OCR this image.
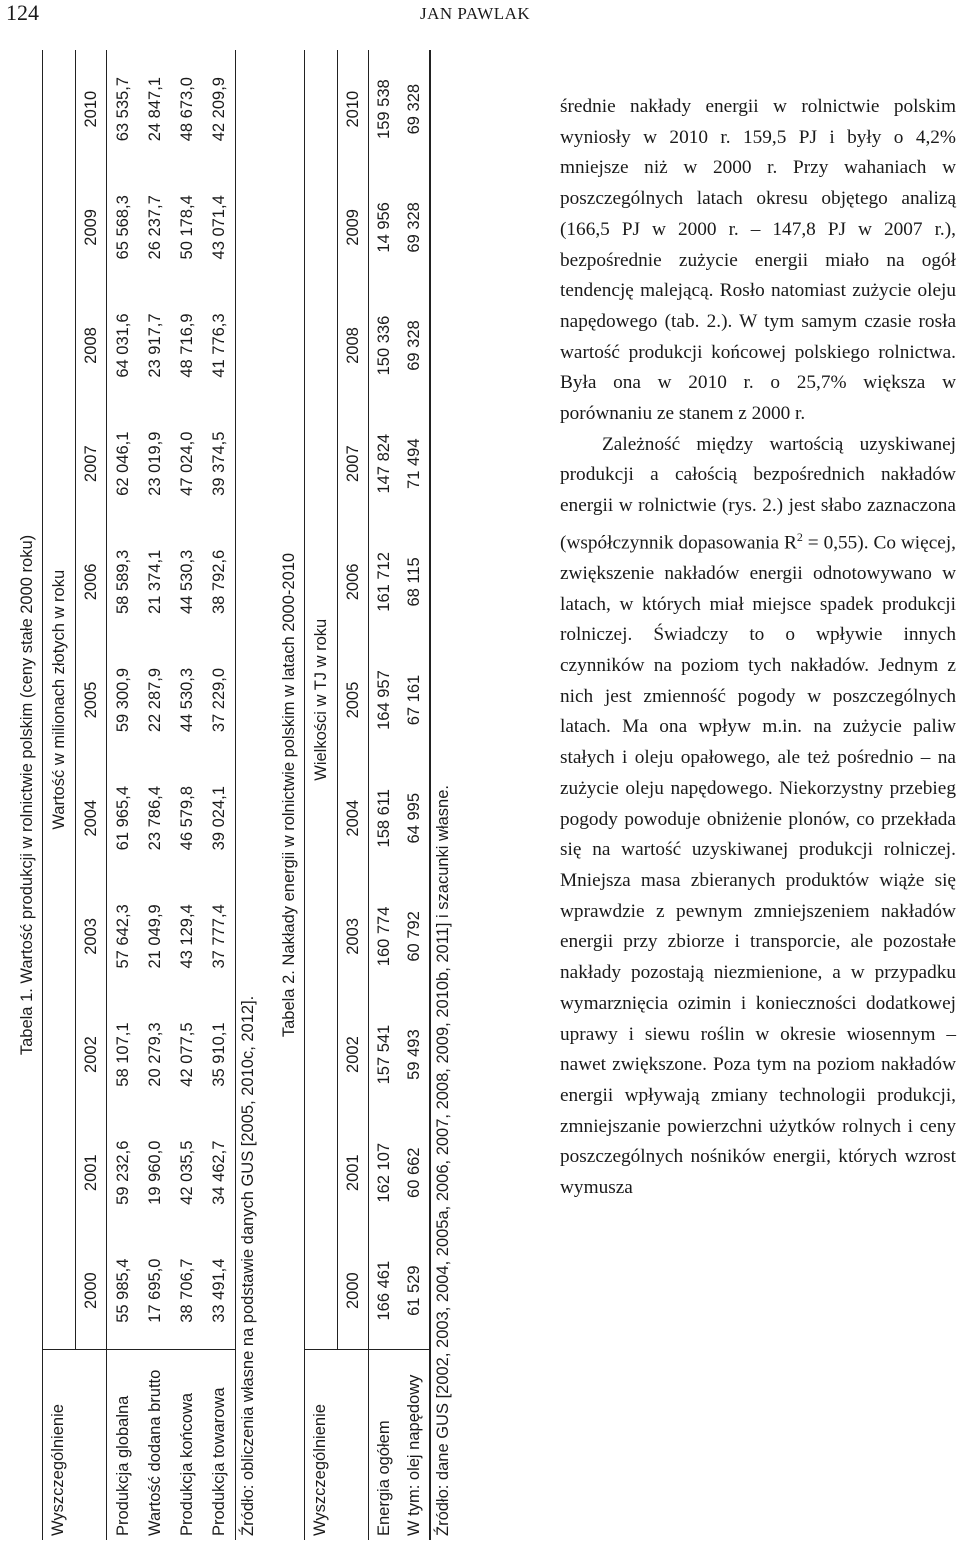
124	JAN PAWLAK
Tabela 1. Wartość produkcji w rolnictwie polskim (ceny stałe 2000 roku)
Wyszczególnienie	Wartość w milionach złotych w roku										
	2000	2001	2002	2003	2004	2005	2006	2007	2008	2009	2010
Produkcja globalna	55 985,4	59 232,6	58 107,1	57 642,3	61 965,4	59 300,9	58 589,3	62 046,1	64 031,6	65 568,3	63 535,7
Wartość dodana brutto	17 695,0	19 960,0	20 279,3	21 049,9	23 786,4	22 287,9	21 374,1	23 019,9	23 917,7	26 237,7	24 847,1
Produkcja końcowa	38 706,7	42 035,5	42 077,5	43 129,4	46 579,8	44 530,3	44 530,3	47 024,0	48 716,9	50 178,4	48 673,0
Produkcja towarowa	33 491,4	34 462,7	35 910,1	37 777,4	39 024,1	37 229,0	38 792,6	39 374,5	41 776,3	43 071,4	42 209,9
Źródło: obliczenia własne na podstawie danych GUS [2005, 2010c, 2012].
Tabela 2. Nakłady energii w rolnictwie polskim w latach 2000-2010
Wyszczególnienie	Wielkości w TJ w roku										
	2000	2001	2002	2003	2004	2005	2006	2007	2008	2009	2010
Energia ogółem	166 461	162 107	157 541	160 774	158 611	164 957	161 712	147 824	150 336	14 956	159 538
W tym: olej napędowy	61 529	60 662	59 493	60 792	64 995	67 161	68 115	71 494	69 328	69 328	69 328
Źródło: dane GUS [2002, 2003, 2004, 2005a, 2006, 2007, 2008, 2009, 2010b, 2011] i szacunki własne.

średnie nakłady energii w rolnictwie polskim wyniosły w 2010 r. 159,5 PJ i były o 4,2% mniejsze niż w 2000 r. Przy wahaniach w poszczególnych latach okresu objętego analizą (166,5 PJ w 2000 r. – 147,8 PJ w 2007 r.), bezpośrednie zużycie energii miało na ogół tendencję malejącą. Rosło natomiast zużycie oleju napędowego (tab. 2.). W tym samym czasie rosła wartość produkcji końcowej polskiego rolnictwa. Była ona w 2010 r. o 25,7% większa w porównaniu ze stanem z 2000 r.

Zależność między wartością uzyskiwanej produkcji a całością bezpośrednich nakładów energii w rolnictwie (rys. 2.) jest słabo zaznaczona (współczynnik dopasowania $R^2 = 0,55$). Co więcej, zwiększenie nakładów energii odnotowywano w latach, w których miał miejsce spadek produkcji rolniczej. Świadczy to o wpływie innych czynników na poziom tych nakładów. Jednym z nich jest zmienność pogody w poszczególnych latach. Ma ona wpływ m.in. na zużycie paliw stałych i oleju opałowego, ale też pośrednio – na zużycie oleju napędowego. Niekorzystny przebieg pogody powoduje obniżenie plonów, co przekłada się na wartość uzyskiwanej produkcji rolniczej. Mniejsza masa zbieranych produktów wiąże się wprawdzie z pewnym zmniejszeniem nakładów energii przy zbiorze i transporcie, ale pozostałe nakłady pozostają niezmienione, a w przypadku wymarznięcia ozimin i konieczności dodatkowej uprawy i siewu roślin w okresie wiosennym – nawet zwiększone. Poza tym na poziom nakładów energii wpływają zmiany technologii produkcji, zmniejszanie powierzchni użytków rolnych i ceny poszczególnych nośników energii, których wzrost wymusza
